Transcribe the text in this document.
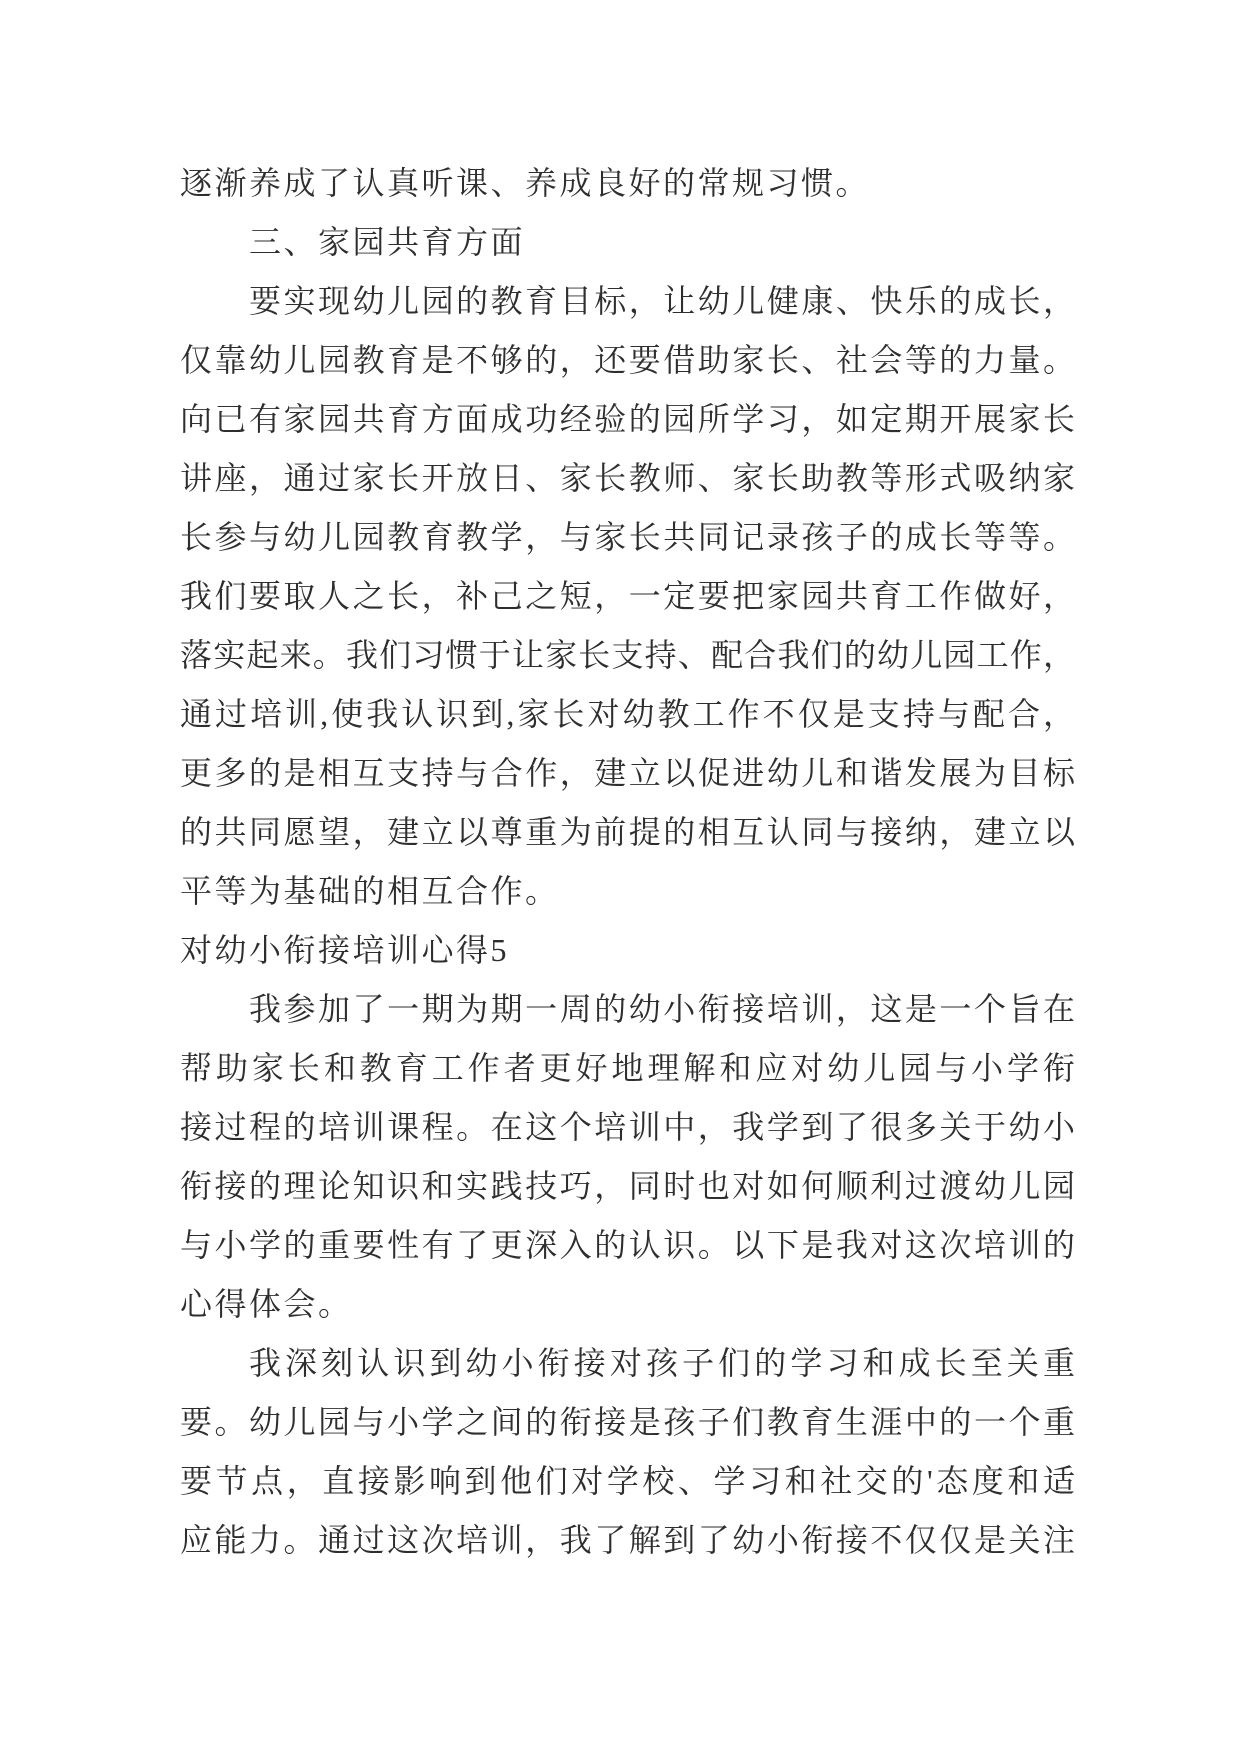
逐渐养成了认真听课、养成良好的常规习惯。
三、家园共育方面
要实现幼儿园的教育目标，让幼儿健康、快乐的成长，
仅靠幼儿园教育是不够的，还要借助家长、社会等的力量。
向已有家园共育方面成功经验的园所学习，如定期开展家长
讲座，通过家长开放日、家长教师、家长助教等形式吸纳家
长参与幼儿园教育教学，与家长共同记录孩子的成长等等。
我们要取人之长，补己之短，一定要把家园共育工作做好，
落实起来。我们习惯于让家长支持、配合我们的幼儿园工作，
通过培训,使我认识到,家长对幼教工作不仅是支持与配合，
更多的是相互支持与合作，建立以促进幼儿和谐发展为目标
的共同愿望，建立以尊重为前提的相互认同与接纳，建立以
平等为基础的相互合作。
对幼小衔接培训心得5
我参加了一期为期一周的幼小衔接培训，这是一个旨在
帮助家长和教育工作者更好地理解和应对幼儿园与小学衔
接过程的培训课程。在这个培训中，我学到了很多关于幼小
衔接的理论知识和实践技巧，同时也对如何顺利过渡幼儿园
与小学的重要性有了更深入的认识。以下是我对这次培训的
心得体会。
我深刻认识到幼小衔接对孩子们的学习和成长至关重
要。幼儿园与小学之间的衔接是孩子们教育生涯中的一个重
要节点，直接影响到他们对学校、学习和社交的'态度和适
应能力。通过这次培训，我了解到了幼小衔接不仅仅是关注
